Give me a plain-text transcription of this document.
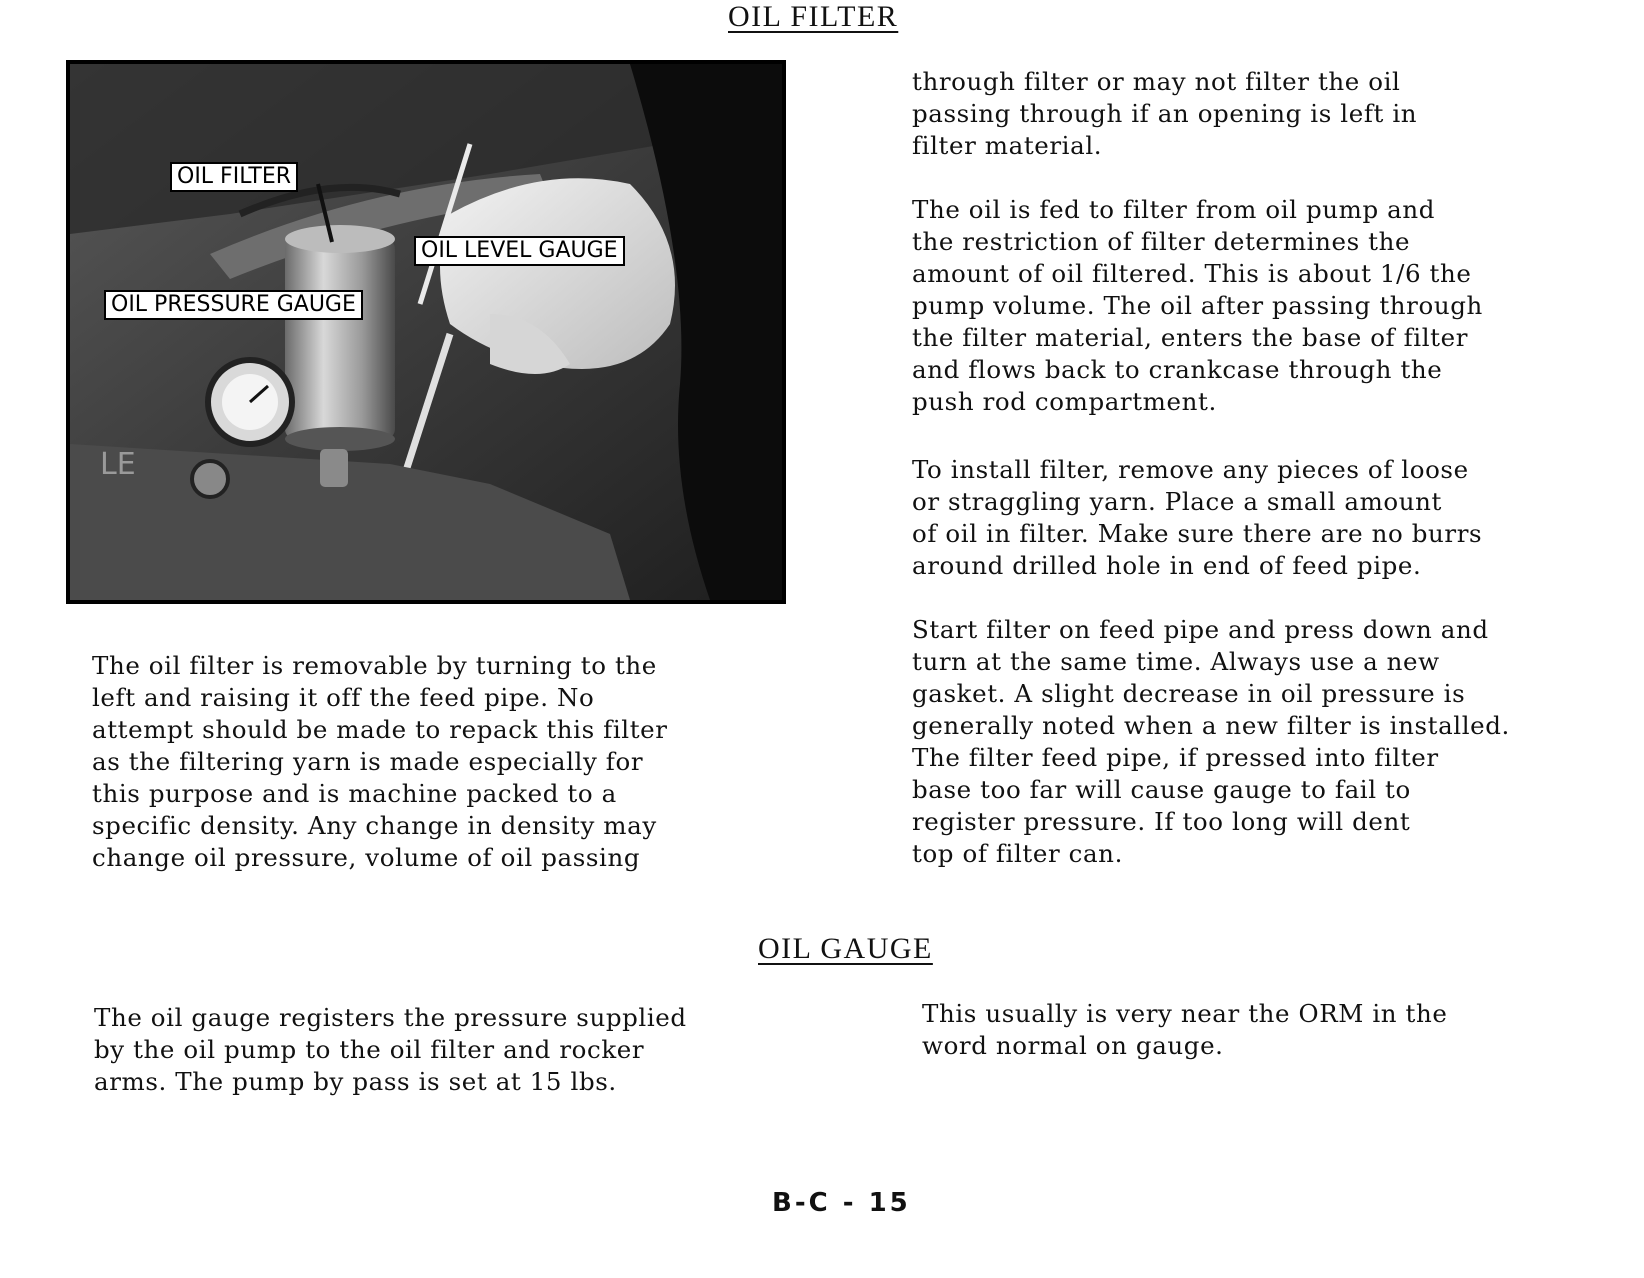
OIL FILTER
LE
OIL FILTER
OIL LEVEL GAUGE
OIL PRESSURE GAUGE

The oil filter is removable by turning to the
left and raising it off the feed pipe. No
attempt should be made to repack this filter
as the filtering yarn is made especially for
this purpose and is machine packed to a
specific density. Any change in density may
change oil pressure, volume of oil passing

through filter or may not filter the oil
passing through if an opening is left in
filter material.

The oil is fed to filter from oil pump and
the restriction of filter determines the
amount of oil filtered. This is about 1/6 the
pump volume. The oil after passing through
the filter material, enters the base of filter
and flows back to crankcase through the
push rod compartment.

To install filter, remove any pieces of loose
or straggling yarn. Place a small amount
of oil in filter. Make sure there are no burrs
around drilled hole in end of feed pipe.

Start filter on feed pipe and press down and
turn at the same time. Always use a new
gasket. A slight decrease in oil pressure is
generally noted when a new filter is installed.
The filter feed pipe, if pressed into filter
base too far will cause gauge to fail to
register pressure. If too long will dent
top of filter can.

OIL GAUGE

The oil gauge registers the pressure supplied
by the oil pump to the oil filter and rocker
arms. The pump by pass is set at 15 lbs.

This usually is very near the ORM in the
word normal on gauge.

B-C - 15
